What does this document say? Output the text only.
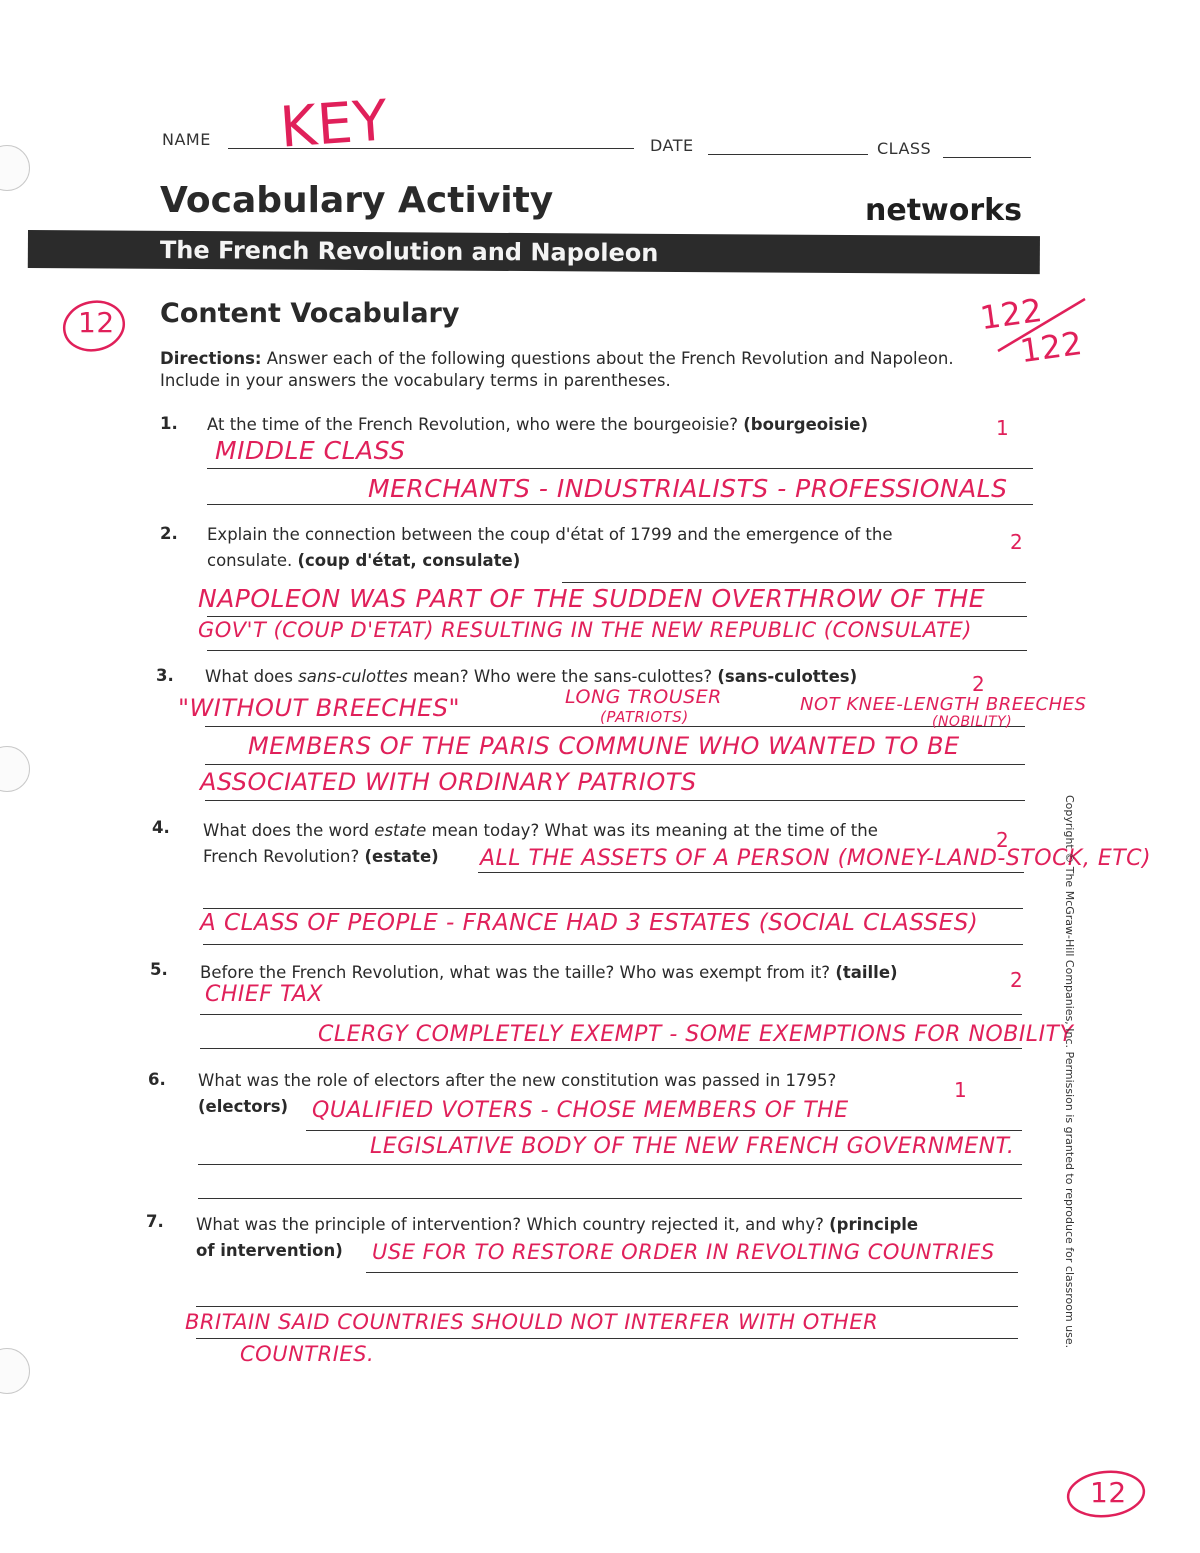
NAME KEY	DATE	CLASS
Vocabulary Activity	networks
The French Revolution and Napoleon
12	122
122
Content Vocabulary
Directions: Answer each of the following questions about the French Revolution and Napoleon. Include in your answers the vocabulary terms in parentheses.
1. At the time of the French Revolution, who were the bourgeoisie? (bourgeoisie)	1
MIDDLE CLASS
MERCHANTS - INDUSTRIALISTS - PROFESSIONALS
2. Explain the connection between the coup d'état of 1799 and the emergence of the
consulate. (coup d'état, consulate)
2
NAPOLEON WAS PART OF THE SUDDEN OVERTHROW OF THE
GOV'T (COUP D'ETAT) RESULTING IN THE NEW REPUBLIC (CONSULATE)
3. What does sans-culottes mean? Who were the sans-culottes? (sans-culottes)	2
"WITHOUT BREECHES"	LONG TROUSER
(PATRIOTS)
NOT KNEE-LENGTH BREECHES
(NOBILITY)
MEMBERS OF THE PARIS COMMUNE WHO WANTED TO BE
ASSOCIATED WITH ORDINARY PATRIOTS
4. What does the word estate mean today? What was its meaning at the time of the
French Revolution? (estate)
2
ALL THE ASSETS OF A PERSON (MONEY-LAND-STOCK, ETC)
A CLASS OF PEOPLE - FRANCE HAD 3 ESTATES (SOCIAL CLASSES)
5. Before the French Revolution, what was the taille? Who was exempt from it? (taille)	2
CHIEF TAX
CLERGY COMPLETELY EXEMPT - SOME EXEMPTIONS FOR NOBILITY
6. What was the role of electors after the new constitution was passed in 1795?
(electors)
1
QUALIFIED VOTERS - CHOSE MEMBERS OF THE
LEGISLATIVE BODY OF THE NEW FRENCH GOVERNMENT.
7. What was the principle of intervention? Which country rejected it, and why? (principle
of intervention)	USE FOR TO RESTORE ORDER IN REVOLTING COUNTRIES
BRITAIN SAID COUNTRIES SHOULD NOT INTERFER WITH OTHER
COUNTRIES.
Copyright © The McGraw-Hill Companies, Inc. Permission is granted to reproduce for classroom use.
12
